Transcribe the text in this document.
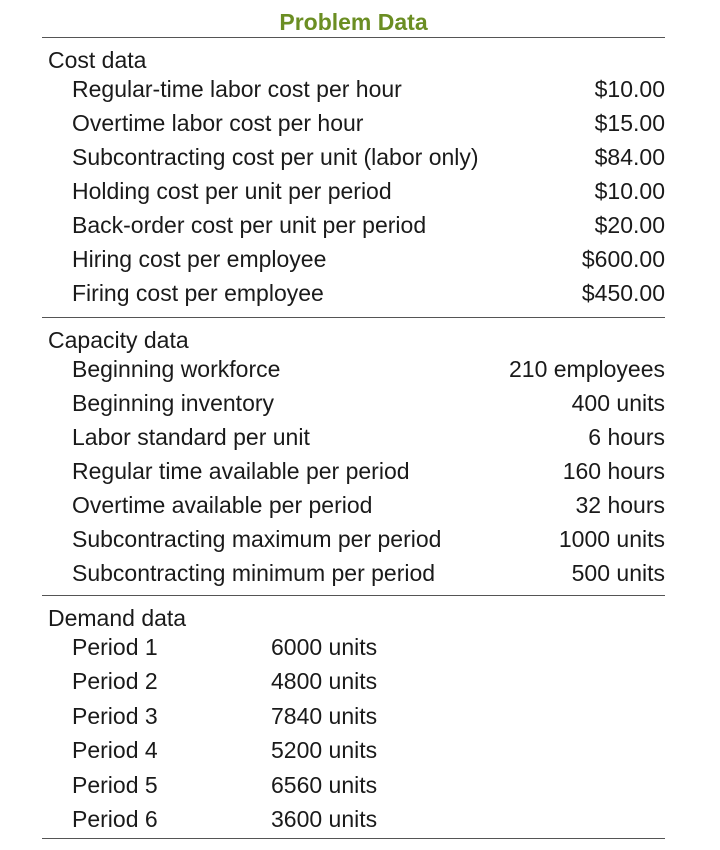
Problem Data
Cost data
Regular-time labor cost per hour	$10.00
Overtime labor cost per hour	$15.00
Subcontracting cost per unit (labor only)	$84.00
Holding cost per unit per period	$10.00
Back-order cost per unit per period	$20.00
Hiring cost per employee	$600.00
Firing cost per employee	$450.00
Capacity data
Beginning workforce	210 employees
Beginning inventory	400 units
Labor standard per unit	6 hours
Regular time available per period	160 hours
Overtime available per period	32 hours
Subcontracting maximum per period	1000 units
Subcontracting minimum per period	500 units
Demand data
Period 1	6000 units
Period 2	4800 units
Period 3	7840 units
Period 4	5200 units
Period 5	6560 units
Period 6	3600 units
